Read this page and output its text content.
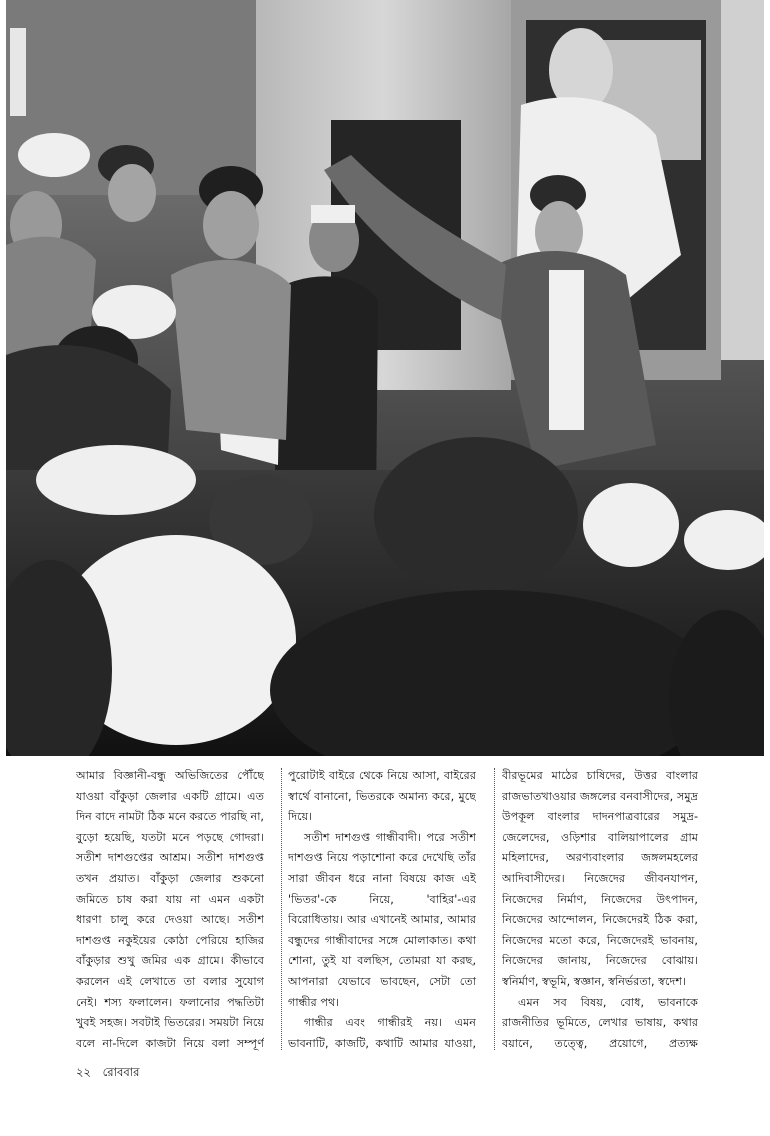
আমার বিজ্ঞানী-বন্ধু অভিজিতের পৌঁছে যাওয়া বাঁকুড়া জেলার একটি গ্রামে। এত দিন বাদে নামটা ঠিক মনে করতে পারছি না, বুড়ো হয়েছি, যতটা মনে পড়ছে গোদরা। সতীশ দাশগুপ্তের আশ্রম। সতীশ দাশগুপ্ত তখন প্রয়াত। বাঁকুড়া জেলার শুকনো জমিতে চাষ করা যায় না এমন একটা ধারণা চালু করে দেওয়া আছে। সতীশ দাশগুপ্ত নকুইয়ের কোঠা পেরিয়ে হাজির বাঁকুড়ার শুখু জমির এক গ্রামে। কীভাবে করলেন এই লেখাতে তা বলার সুযোগ নেই। শস্য ফলালেন। ফলানোর পদ্ধতিটা খুবই সহজ। সবটাই ভিতরের। সময়টা নিয়ে বলে না-দিলে কাজটা নিয়ে বলা সম্পূর্ণ

পুরোটাই বাইরে থেকে নিয়ে আসা, বাইরের স্বার্থে বানানো, ভিতরকে অমান্য করে, মুছে দিয়ে।

সতীশ দাশগুপ্ত গান্ধীবাদী। পরে সতীশ দাশগুপ্ত নিয়ে পড়াশোনা করে দেখেছি তাঁর সারা জীবন ধরে নানা বিষয়ে কাজ এই 'ভিতর'-কে নিয়ে, 'বাহির'-এর বিরোধিতায়। আর এখানেই আমার, আমার বন্ধুদের গান্ধীবাদের সঙ্গে মোলাকাত। কথা শোনা, তুই যা বলছিস, তোমরা যা করছ, আপনারা যেভাবে ভাবছেন, সেটা তো গান্ধীর পথ।

গান্ধীর এবং গান্ধীরই নয়। এমন ভাবনাটি, কাজটি, কথাটি আমার যাওয়া,

বীরভূমের মাঠের চাষিদের, উত্তর বাংলার রাজভাতখাওয়ার জঙ্গলের বনবাসীদের, সমুদ্র উপকূল বাংলার দাদনপাত্রবারের সমুদ্র-জেলেদের, ওড়িশার বালিয়াপালের গ্রাম মহিলাদের, অরণ্যবাংলার জঙ্গলমহলের আদিবাসীদের। নিজেদের জীবনযাপন, নিজেদের নির্মাণ, নিজেদের উৎপাদন, নিজেদের আন্দোলন, নিজেদেরই ঠিক করা, নিজেদের মতো করে, নিজেদেরই ভাবনায়, নিজেদের জানায়, নিজেদের বোঝায়। স্বনির্মাণ, স্বভূমি, স্বজ্ঞান, স্বনির্ভরতা, স্বদেশ।

এমন সব বিষয়, বোধ, ভাবনাকে রাজনীতির ভূমিতে, লেখার ভাষায়, কথার বয়ানে, তত্ত্বে, প্রয়োগে, প্রত্যক্ষ

২২ রোববার
